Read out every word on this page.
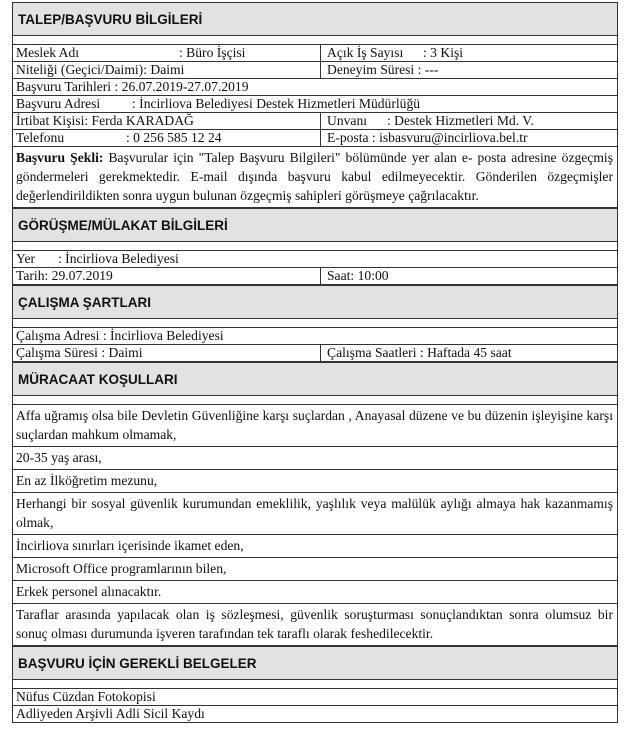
TALEP/BAŞVURU BİLGİLERİ
Meslek Adı	: Büro İşçisi	Açık İş Sayısı : 3 Kişi
Niteliği (Geçici/Daimi): Daimi	Deneyim Süresi : ---
Başvuru Tarihleri : 26.07.2019-27.07.2019
Başvuru Adresi : İncirliova Belediyesi Destek Hizmetleri Müdürlüğü
İrtibat Kişisi: Ferda KARADAĞ	Unvanı : Destek Hizmetleri Md. V.
Telefonu	: 0 256 585 12 24	E-posta : isbasvuru@incirliova.bel.tr
Başvuru Şekli: Başvurular için "Talep Başvuru Bilgileri" bölümünde yer alan e- posta adresine özgeçmiş göndermeleri gerekmektedir. E-mail dışında başvuru kabul edilmeyecektir. Gönderilen özgeçmişler değerlendirildikten sonra uygun bulunan özgeçmiş sahipleri görüşmeye çağrılacaktır.
GÖRÜŞME/MÜLAKAT BİLGİLERİ
Yer : İncirliova Belediyesi
Tarih: 29.07.2019	Saat: 10:00
ÇALIŞMA ŞARTLARI
Çalışma Adresi : İncirliova Belediyesi
Çalışma Süresi : Daimi	Çalışma Saatleri : Haftada 45 saat
MÜRACAAT KOŞULLARI
Affa uğramış olsa bile Devletin Güvenliğine karşı suçlardan , Anayasal düzene ve bu düzenin işleyişine karşı suçlardan mahkum olmamak,
20-35 yaş arası,
En az İlköğretim mezunu,
Herhangi bir sosyal güvenlik kurumundan emeklilik, yaşlılık veya malülük aylığı almaya hak kazanmamış olmak,
İncirliova sınırları içerisinde ikamet eden,
Microsoft Office programlarının bilen,
Erkek personel alınacaktır.
Taraflar arasında yapılacak olan iş sözleşmesi, güvenlik soruşturması sonuçlandıktan sonra olumsuz bir sonuç olması durumunda işveren tarafından tek taraflı olarak feshedilecektir.
BAŞVURU İÇİN GEREKLİ BELGELER
Nüfus Cüzdan Fotokopisi
Adliyeden Arşivli Adli Sicil Kaydı
